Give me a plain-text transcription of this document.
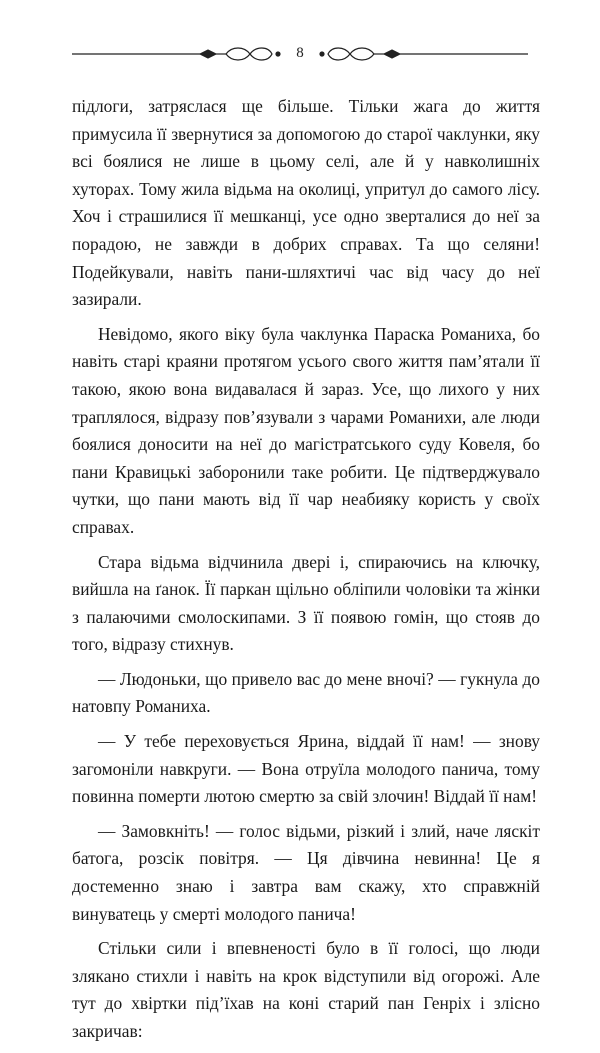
8

підлоги, затряслася ще більше. Тільки жага до життя примусила її звернутися за допомогою до старої чаклунки, яку всі боялися не лише в цьому селі, але й у навколишніх хуторах. Тому жила відьма на околиці, упритул до самого лісу. Хоч і страшилися її мешканці, усе одно зверталися до неї за порадою, не завжди в добрих справах. Та що селяни! Подейкували, навіть пани-шляхтичі час від часу до неї зазирали.

Невідомо, якого віку була чаклунка Параска Романиха, бо навіть старі краяни протягом усього свого життя пам’ятали її такою, якою вона видавалася й зараз. Усе, що лихого у них траплялося, відразу пов’язували з чарами Романихи, але люди боялися доносити на неї до магістратського суду Ковеля, бо пани Кравицькі заборонили таке робити. Це підтверджувало чутки, що пани мають від її чар неабияку користь у своїх справах.

Стара відьма відчинила двері і, спираючись на ключку, вийшла на ґанок. Її паркан щільно обліпили чоловіки та жінки з палаючими смолоскипами. З її появою гомін, що стояв до того, відразу стихнув.

— Людоньки, що привело вас до мене вночі? — гукнула до натовпу Романиха.

— У тебе переховується Ярина, віддай її нам! — знову загомоніли навкруги. — Вона отруїла молодого панича, тому повинна померти лютою смертю за свій злочин! Віддай її нам!

— Замовкніть! — голос відьми, різкий і злий, наче ляскіт батога, розсік повітря. — Ця дівчина невинна! Це я достеменно знаю і завтра вам скажу, хто справжній винуватець у смерті молодого панича!

Стільки сили і впевненості було в її голосі, що люди злякано стихли і навіть на крок відступили від огорожі. Але тут до хвіртки під’їхав на коні старий пан Генріх і злісно закричав:
